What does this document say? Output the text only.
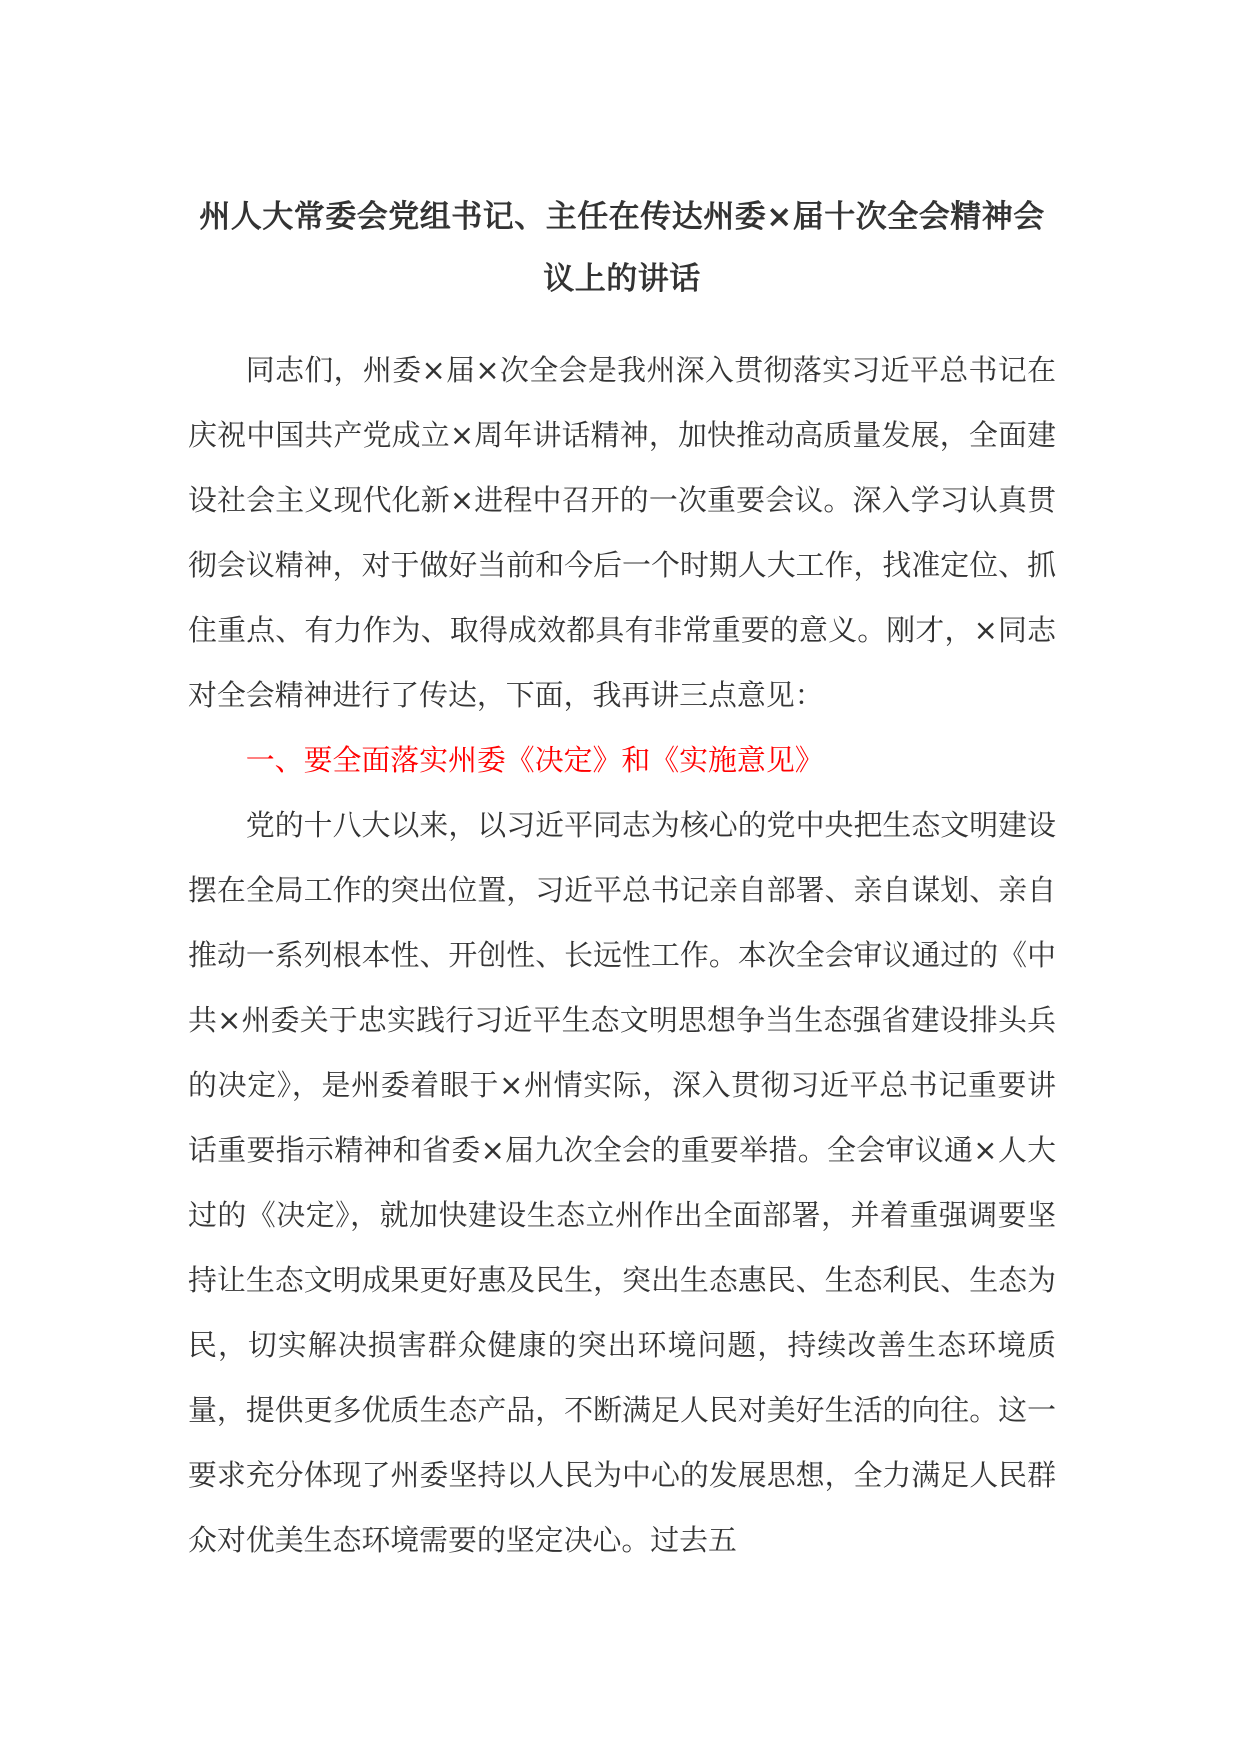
州人大常委会党组书记、主任在传达州委×届十次全会精神会议上的讲话

同志们，州委×届×次全会是我州深入贯彻落实习近平总书记在庆祝中国共产党成立×周年讲话精神，加快推动高质量发展，全面建设社会主义现代化新×进程中召开的一次重要会议。深入学习认真贯彻会议精神，对于做好当前和今后一个时期人大工作，找准定位、抓住重点、有力作为、取得成效都具有非常重要的意义。刚才，×同志对全会精神进行了传达，下面，我再讲三点意见：

一、要全面落实州委《决定》和《实施意见》

党的十八大以来，以习近平同志为核心的党中央把生态文明建设摆在全局工作的突出位置，习近平总书记亲自部署、亲自谋划、亲自推动一系列根本性、开创性、长远性工作。本次全会审议通过的《中共×州委关于忠实践行习近平生态文明思想争当生态强省建设排头兵的决定》，是州委着眼于×州情实际，深入贯彻习近平总书记重要讲话重要指示精神和省委×届九次全会的重要举措。全会审议通×人大过的《决定》，就加快建设生态立州作出全面部署，并着重强调要坚持让生态文明成果更好惠及民生，突出生态惠民、生态利民、生态为民，切实解决损害群众健康的突出环境问题，持续改善生态环境质量，提供更多优质生态产品，不断满足人民对美好生活的向往。这一要求充分体现了州委坚持以人民为中心的发展思想，全力满足人民群众对优美生态环境需要的坚定决心。过去五
